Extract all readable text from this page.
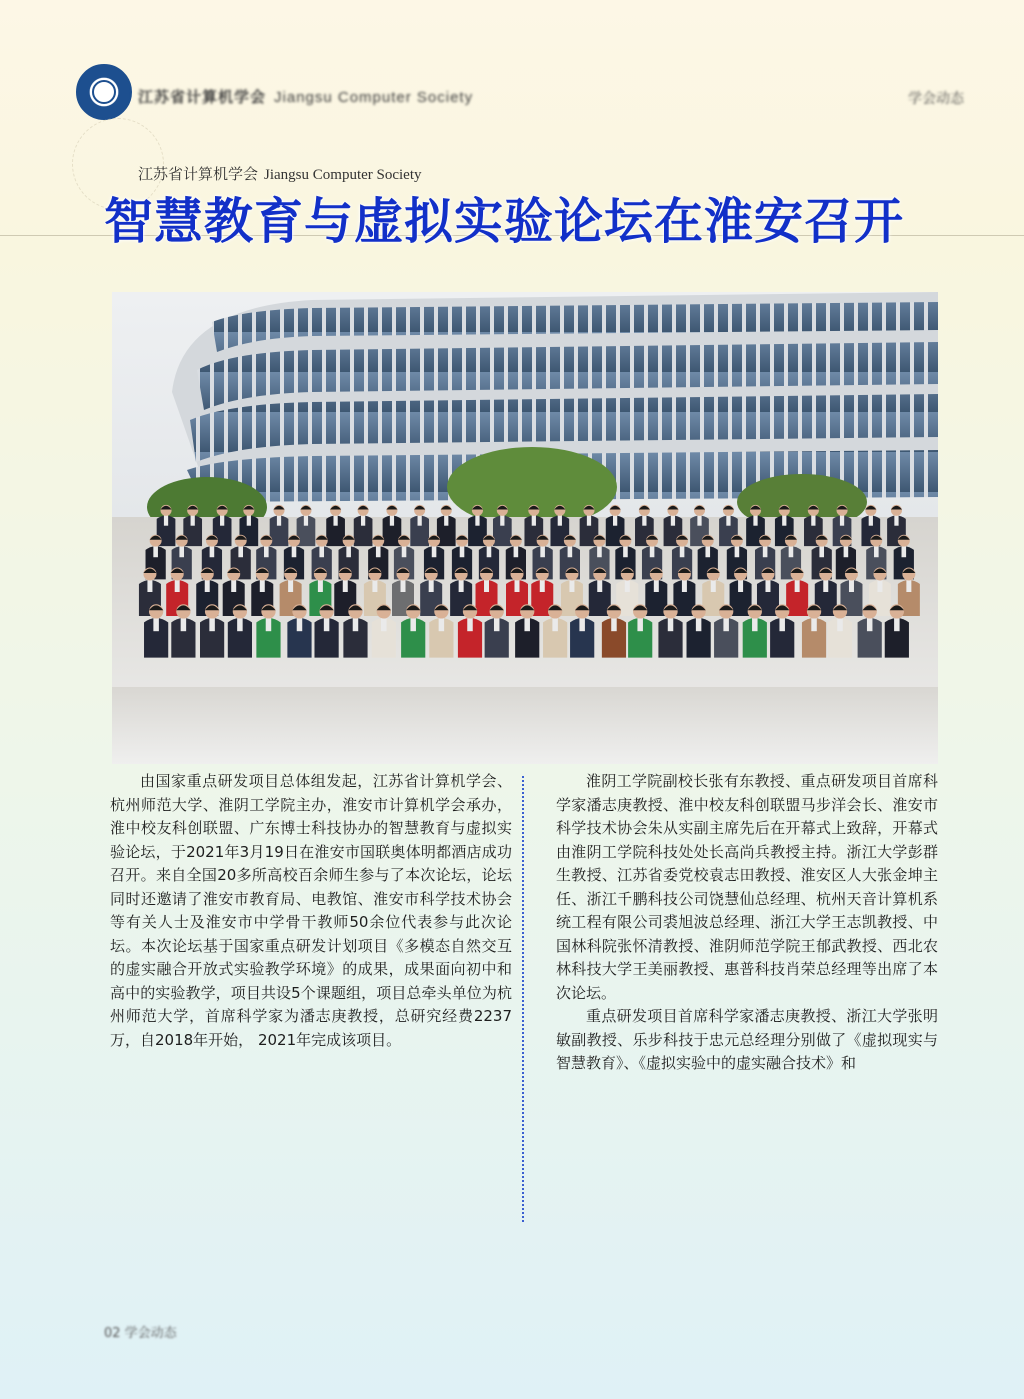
江苏省计算机学会 Jiangsu Computer Society	学会动态
江苏省计算机学会 Jiangsu Computer Society
智慧教育与虚拟实验论坛在淮安召开

由国家重点研发项目总体组发起，江苏省计算机学会、杭州师范大学、淮阴工学院主办，淮安市计算机学会承办，淮中校友科创联盟、广东博士科技协办的智慧教育与虚拟实验论坛，于2021年3月19日在淮安市国联奥体明都酒店成功召开。来自全国20多所高校百余师生参与了本次论坛，论坛同时还邀请了淮安市教育局、电教馆、淮安市科学技术协会等有关人士及淮安市中学骨干教师50余位代表参与此次论坛。本次论坛基于国家重点研发计划项目《多模态自然交互的虚实融合开放式实验教学环境》的成果，成果面向初中和高中的实验教学，项目共设5个课题组，项目总牵头单位为杭州师范大学，首席科学家为潘志庚教授，总研究经费2237万，自2018年开始， 2021年完成该项目。

淮阴工学院副校长张有东教授、重点研发项目首席科学家潘志庚教授、淮中校友科创联盟马步洋会长、淮安市科学技术协会朱从实副主席先后在开幕式上致辞，开幕式由淮阴工学院科技处处长高尚兵教授主持。浙江大学彭群生教授、江苏省委党校袁志田教授、淮安区人大张金坤主任、浙江千鹏科技公司饶慧仙总经理、杭州天音计算机系统工程有限公司裘旭波总经理、浙江大学王志凯教授、中国林科院张怀清教授、淮阴师范学院王郁武教授、西北农林科技大学王美丽教授、惠普科技肖荣总经理等出席了本次论坛。

重点研发项目首席科学家潘志庚教授、浙江大学张明敏副教授、乐步科技于忠元总经理分别做了《虚拟现实与智慧教育》、《虚拟实验中的虚实融合技术》和

02 学会动态
